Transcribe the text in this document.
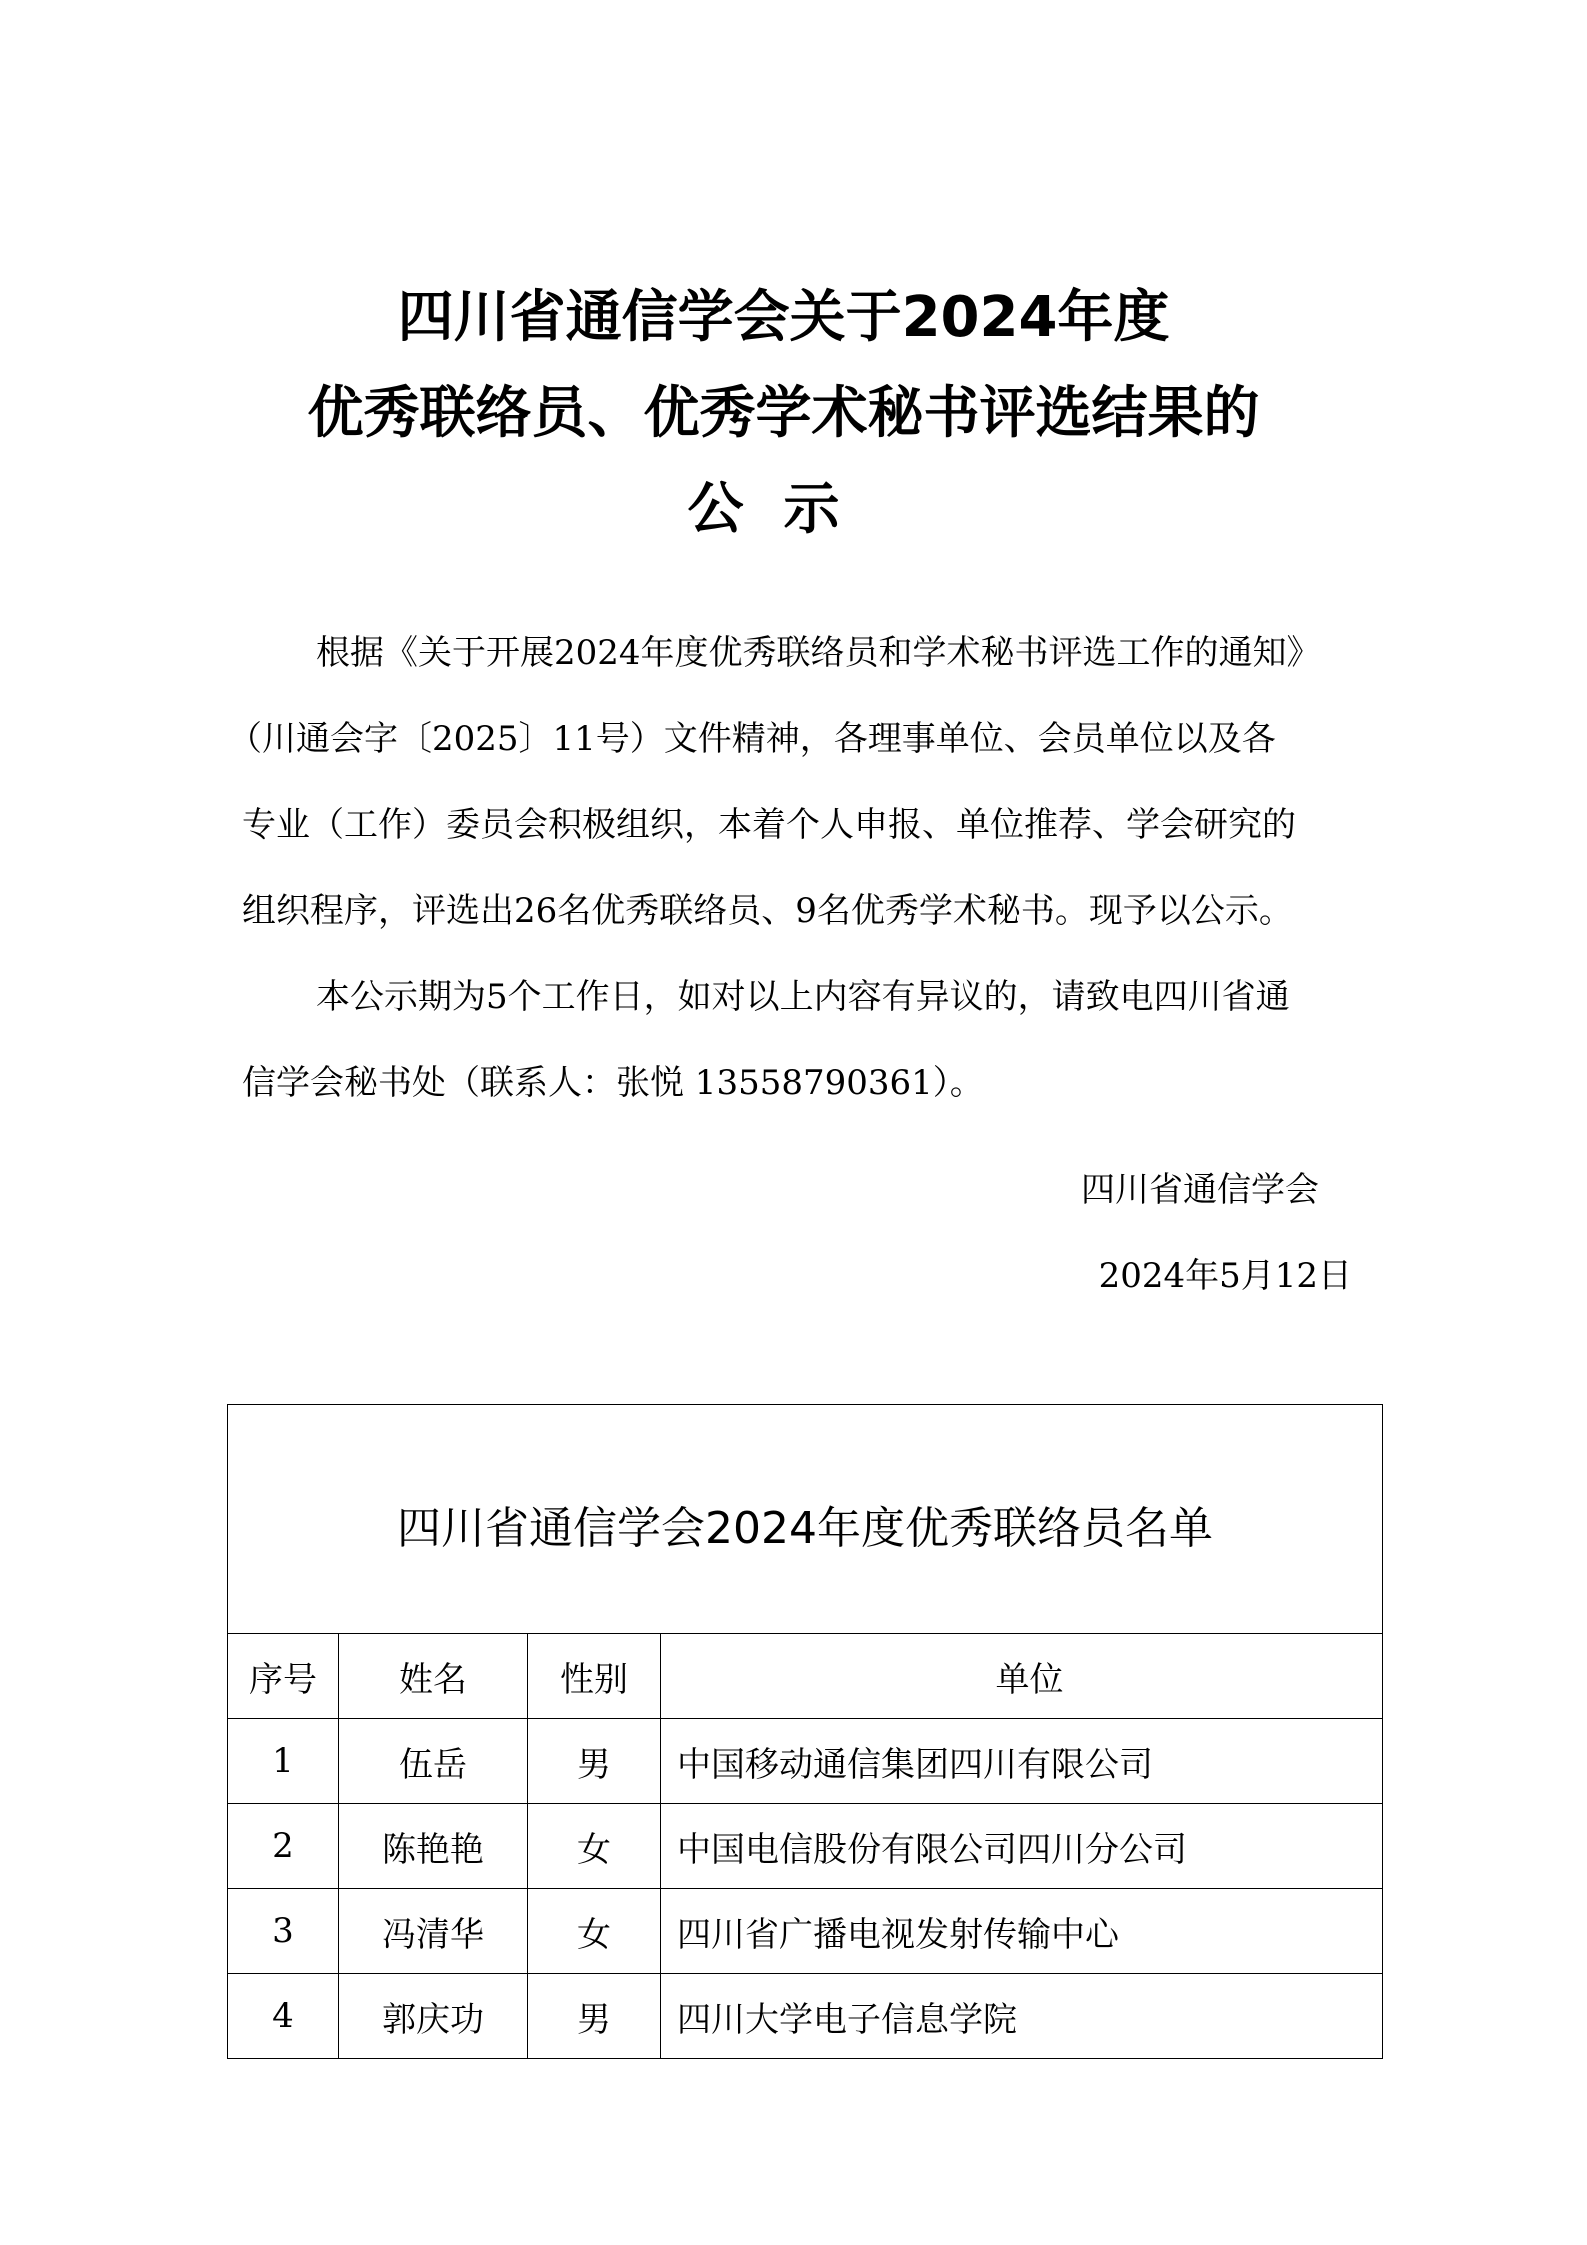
四川省通信学会关于2024年度
优秀联络员、优秀学术秘书评选结果的
公示
根据《关于开展2024年度优秀联络员和学术秘书评选工作的通知》
（川通会字〔2025〕11号）文件精神，各理事单位、会员单位以及各
专业（工作）委员会积极组织，本着个人申报、单位推荐、学会研究的
组织程序，评选出26名优秀联络员、9名优秀学术秘书。现予以公示。
本公示期为5个工作日，如对以上内容有异议的，请致电四川省通
信学会秘书处（联系人：张悦 13558790361）。
四川省通信学会
2024年5月12日
四川省通信学会2024年度优秀联络员名单			
序号	姓名	性别	单位
1	伍岳	男	中国移动通信集团四川有限公司
2	陈艳艳	女	中国电信股份有限公司四川分公司
3	冯清华	女	四川省广播电视发射传输中心
4	郭庆功	男	四川大学电子信息学院
